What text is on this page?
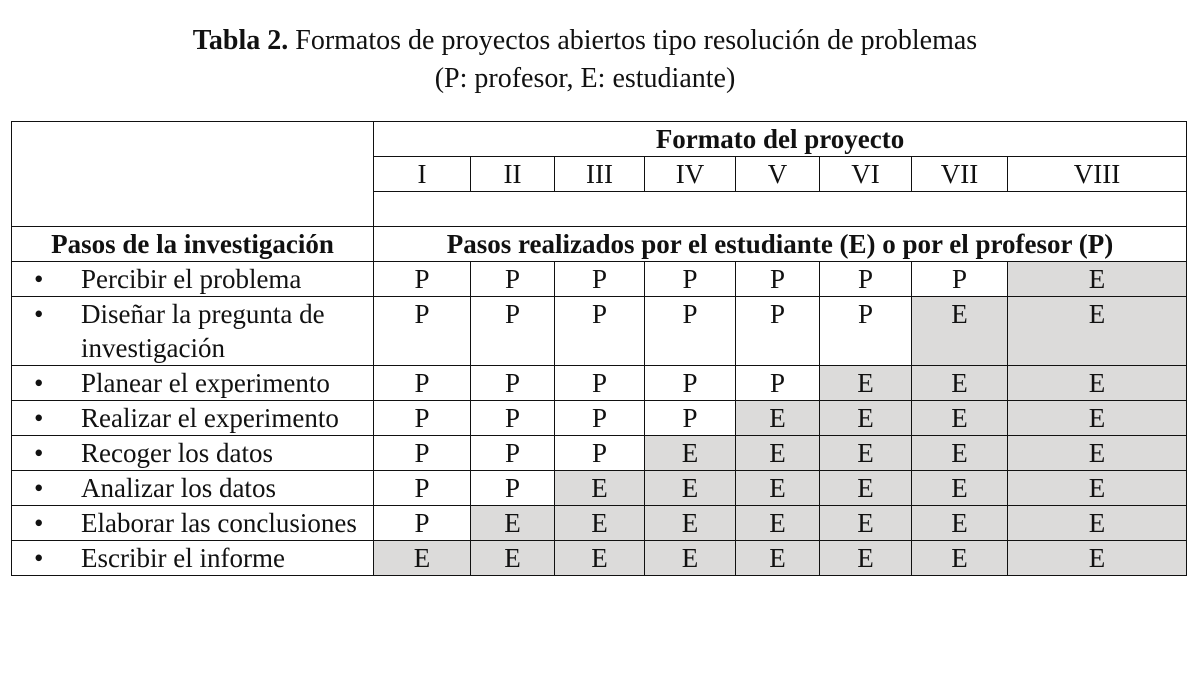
Tabla 2. Formatos de proyectos abiertos tipo resolución de problemas
(P: profesor, E: estudiante)
	Formato del proyecto							
	I	II	III	IV	V	VI	VII	VIII

Pasos de la investigación	Pasos realizados por el estudiante (E) o por el profesor (P)							

• Percibir el problema	P	P	P	P	P	P	P	E

• Diseñar la pregunta de investigación	P	P	P	P	P	P	E	E

• Planear el experimento	P	P	P	P	P	E	E	E

• Realizar el experimento	P	P	P	P	E	E	E	E

• Recoger los datos	P	P	P	E	E	E	E	E

• Analizar los datos	P	P	E	E	E	E	E	E

• Elaborar las conclusiones	P	E	E	E	E	E	E	E

• Escribir el informe	E	E	E	E	E	E	E	E
